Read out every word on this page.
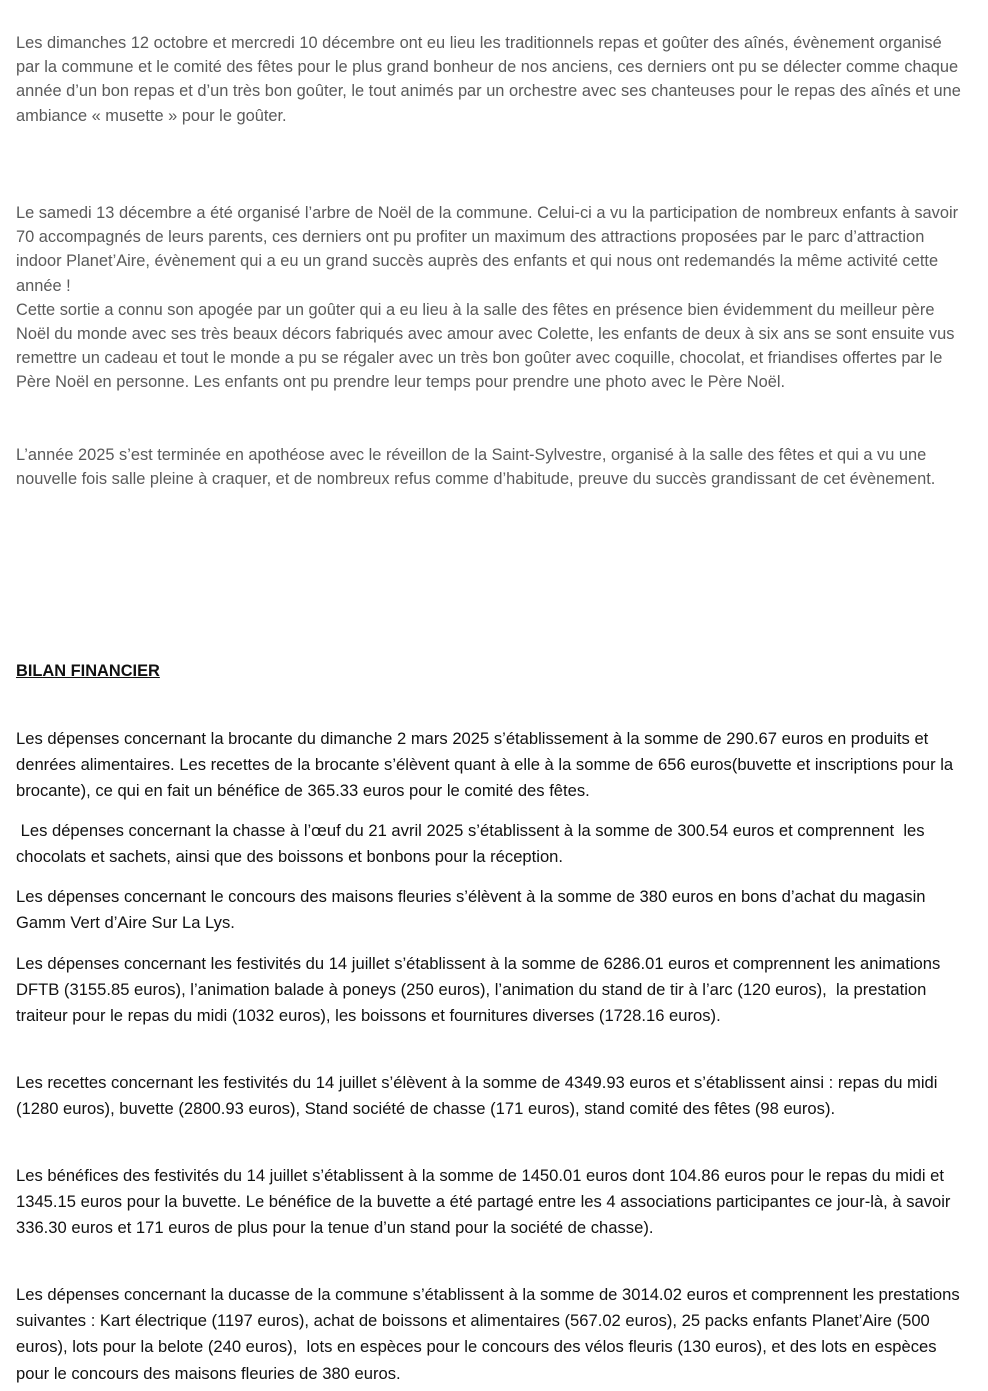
Les dimanches 12 octobre et mercredi 10 décembre ont eu lieu les traditionnels repas et goûter des aînés, évènement organisé par la commune et le comité des fêtes pour le plus grand bonheur de nos anciens, ces derniers ont pu se délecter comme chaque année d’un bon repas et d’un très bon goûter, le tout animés par un orchestre avec ses chanteuses pour le repas des aînés et une ambiance « musette » pour le goûter.

Le samedi 13 décembre a été organisé l’arbre de Noël de la commune. Celui-ci a vu la participation de nombreux enfants à savoir 70 accompagnés de leurs parents, ces derniers ont pu profiter un maximum des attractions proposées par le parc d’attraction indoor Planet’Aire, évènement qui a eu un grand succès auprès des enfants et qui nous ont redemandés la même activité cette année !
Cette sortie a connu son apogée par un goûter qui a eu lieu à la salle des fêtes en présence bien évidemment du meilleur père Noël du monde avec ses très beaux décors fabriqués avec amour avec Colette, les enfants de deux à six ans se sont ensuite vus remettre un cadeau et tout le monde a pu se régaler avec un très bon goûter avec coquille, chocolat, et friandises offertes par le Père Noël en personne. Les enfants ont pu prendre leur temps pour prendre une photo avec le Père Noël.

L’année 2025 s’est terminée en apothéose avec le réveillon de la Saint-Sylvestre, organisé à la salle des fêtes et qui a vu une nouvelle fois salle pleine à craquer, et de nombreux refus comme d’habitude, preuve du succès grandissant de cet évènement.

BILAN FINANCIER

Les dépenses concernant la brocante du dimanche 2 mars 2025 s’établissement à la somme de 290.67 euros en produits et denrées alimentaires. Les recettes de la brocante s’élèvent quant à elle à la somme de 656 euros(buvette et inscriptions pour la brocante), ce qui en fait un bénéfice de 365.33 euros pour le comité des fêtes.

Les dépenses concernant la chasse à l’œuf du 21 avril 2025 s’établissent à la somme de 300.54 euros et comprennent  les chocolats et sachets, ainsi que des boissons et bonbons pour la réception.

Les dépenses concernant le concours des maisons fleuries s’élèvent à la somme de 380 euros en bons d’achat du magasin Gamm Vert d’Aire Sur La Lys.

Les dépenses concernant les festivités du 14 juillet s’établissent à la somme de 6286.01 euros et comprennent les animations DFTB (3155.85 euros), l’animation balade à poneys (250 euros), l’animation du stand de tir à l’arc (120 euros),  la prestation traiteur pour le repas du midi (1032 euros), les boissons et fournitures diverses (1728.16 euros).

Les recettes concernant les festivités du 14 juillet s’élèvent à la somme de 4349.93 euros et s’établissent ainsi : repas du midi (1280 euros), buvette (2800.93 euros), Stand société de chasse (171 euros), stand comité des fêtes (98 euros).

Les bénéfices des festivités du 14 juillet s’établissent à la somme de 1450.01 euros dont 104.86 euros pour le repas du midi et 1345.15 euros pour la buvette. Le bénéfice de la buvette a été partagé entre les 4 associations participantes ce jour-là, à savoir 336.30 euros et 171 euros de plus pour la tenue d’un stand pour la société de chasse).

Les dépenses concernant la ducasse de la commune s’établissent à la somme de 3014.02 euros et comprennent les prestations suivantes : Kart électrique (1197 euros), achat de boissons et alimentaires (567.02 euros), 25 packs enfants Planet’Aire (500 euros), lots pour la belote (240 euros),  lots en espèces pour le concours des vélos fleuris (130 euros), et des lots en espèces pour le concours des maisons fleuries de 380 euros.
